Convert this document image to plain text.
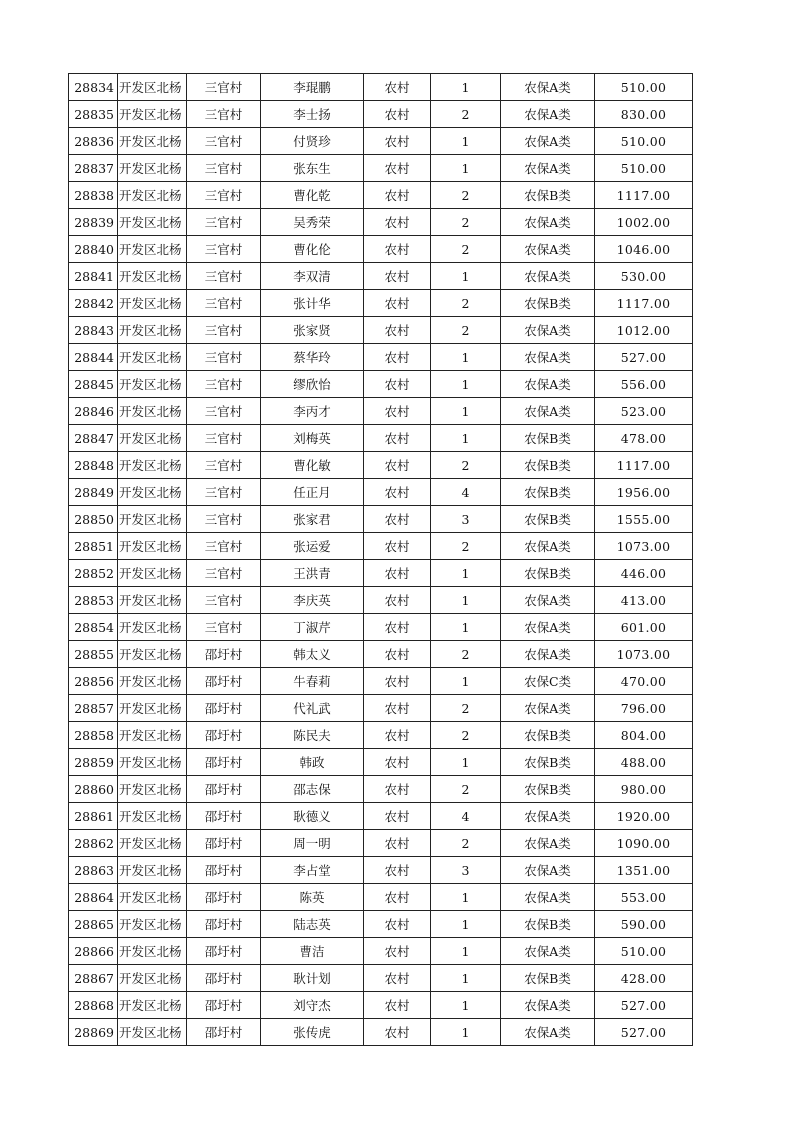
28834	开发区北杨	三官村	李琨鹏	农村	1	农保A类	510.00
28835	开发区北杨	三官村	李士扬	农村	2	农保A类	830.00
28836	开发区北杨	三官村	付贤珍	农村	1	农保A类	510.00
28837	开发区北杨	三官村	张东生	农村	1	农保A类	510.00
28838	开发区北杨	三官村	曹化乾	农村	2	农保B类	1117.00
28839	开发区北杨	三官村	吴秀荣	农村	2	农保A类	1002.00
28840	开发区北杨	三官村	曹化伦	农村	2	农保A类	1046.00
28841	开发区北杨	三官村	李双清	农村	1	农保A类	530.00
28842	开发区北杨	三官村	张计华	农村	2	农保B类	1117.00
28843	开发区北杨	三官村	张家贤	农村	2	农保A类	1012.00
28844	开发区北杨	三官村	蔡华玲	农村	1	农保A类	527.00
28845	开发区北杨	三官村	缪欣怡	农村	1	农保A类	556.00
28846	开发区北杨	三官村	李丙才	农村	1	农保A类	523.00
28847	开发区北杨	三官村	刘梅英	农村	1	农保B类	478.00
28848	开发区北杨	三官村	曹化敏	农村	2	农保B类	1117.00
28849	开发区北杨	三官村	任正月	农村	4	农保B类	1956.00
28850	开发区北杨	三官村	张家君	农村	3	农保B类	1555.00
28851	开发区北杨	三官村	张运爱	农村	2	农保A类	1073.00
28852	开发区北杨	三官村	王洪青	农村	1	农保B类	446.00
28853	开发区北杨	三官村	李庆英	农村	1	农保A类	413.00
28854	开发区北杨	三官村	丁淑芹	农村	1	农保A类	601.00
28855	开发区北杨	邵圩村	韩太义	农村	2	农保A类	1073.00
28856	开发区北杨	邵圩村	牛春莉	农村	1	农保C类	470.00
28857	开发区北杨	邵圩村	代礼武	农村	2	农保A类	796.00
28858	开发区北杨	邵圩村	陈民夫	农村	2	农保B类	804.00
28859	开发区北杨	邵圩村	韩政	农村	1	农保B类	488.00
28860	开发区北杨	邵圩村	邵志保	农村	2	农保B类	980.00
28861	开发区北杨	邵圩村	耿德义	农村	4	农保A类	1920.00
28862	开发区北杨	邵圩村	周一明	农村	2	农保A类	1090.00
28863	开发区北杨	邵圩村	李占堂	农村	3	农保A类	1351.00
28864	开发区北杨	邵圩村	陈英	农村	1	农保A类	553.00
28865	开发区北杨	邵圩村	陆志英	农村	1	农保B类	590.00
28866	开发区北杨	邵圩村	曹洁	农村	1	农保A类	510.00
28867	开发区北杨	邵圩村	耿计划	农村	1	农保B类	428.00
28868	开发区北杨	邵圩村	刘守杰	农村	1	农保A类	527.00
28869	开发区北杨	邵圩村	张传虎	农村	1	农保A类	527.00
